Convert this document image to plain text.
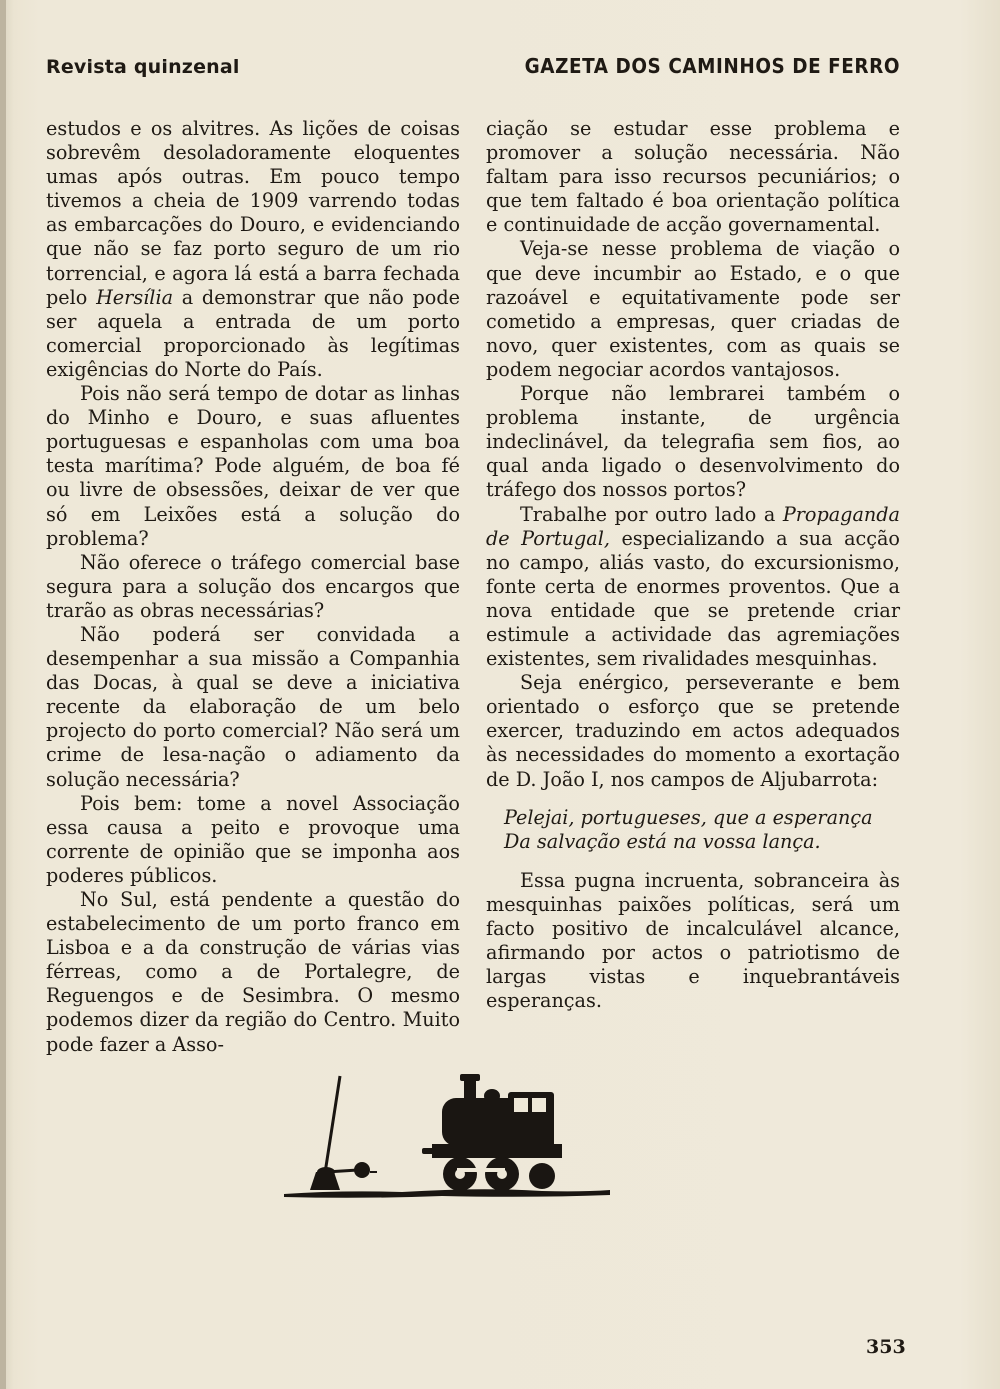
Revista quinzenal	GAZETA DOS CAMINHOS DE FERRO

estudos e os alvitres. As lições de coisas sobrevêm desoladoramente eloquentes umas após outras. Em pouco tempo tivemos a cheia de 1909 varrendo todas as embarcações do Douro, e evidenciando que não se faz porto seguro de um rio torrencial, e agora lá está a barra fechada pelo Hersília a demonstrar que não pode ser aquela a entrada de um porto comercial proporcionado às legítimas exigências do Norte do País.

Pois não será tempo de dotar as linhas do Minho e Douro, e suas afluentes portuguesas e espanholas com uma boa testa marítima? Pode alguém, de boa fé ou livre de obsessões, deixar de ver que só em Leixões está a solução do problema?

Não oferece o tráfego comercial base segura para a solução dos encargos que trarão as obras necessárias?

Não poderá ser convidada a desempenhar a sua missão a Companhia das Docas, à qual se deve a iniciativa recente da elaboração de um belo projecto do porto comercial? Não será um crime de lesa-nação o adiamento da solução necessária?

Pois bem: tome a novel Associação essa causa a peito e provoque uma corrente de opinião que se imponha aos poderes públicos.

No Sul, está pendente a questão do estabelecimento de um porto franco em Lisboa e a da construção de várias vias férreas, como a de Portalegre, de Reguengos e de Sesimbra. O mesmo podemos dizer da região do Centro. Muito pode fazer a Asso-

ciação se estudar esse problema e promover a solução necessária. Não faltam para isso recursos pecuniários; o que tem faltado é boa orientação política e continuidade de acção governamental.

Veja-se nesse problema de viação o que deve incumbir ao Estado, e o que razoável e equitativamente pode ser cometido a empresas, quer criadas de novo, quer existentes, com as quais se podem negociar acordos vantajosos.

Porque não lembrarei também o problema instante, de urgência indeclinável, da telegrafia sem fios, ao qual anda ligado o desenvolvimento do tráfego dos nossos portos?

Trabalhe por outro lado a Propaganda de Portugal, especializando a sua acção no campo, aliás vasto, do excursionismo, fonte certa de enormes proventos. Que a nova entidade que se pretende criar estimule a actividade das agremiações existentes, sem rivalidades mesquinhas.

Seja enérgico, perseverante e bem orientado o esforço que se pretende exercer, traduzindo em actos adequados às necessidades do momento a exortação de D. João I, nos campos de Aljubarrota:

Pelejai, portugueses, que a esperança
Da salvação está na vossa lança.

Essa pugna incruenta, sobranceira às mesquinhas paixões políticas, será um facto positivo de incalculável alcance, afirmando por actos o patriotismo de largas vistas e inquebrantáveis esperanças.

353
